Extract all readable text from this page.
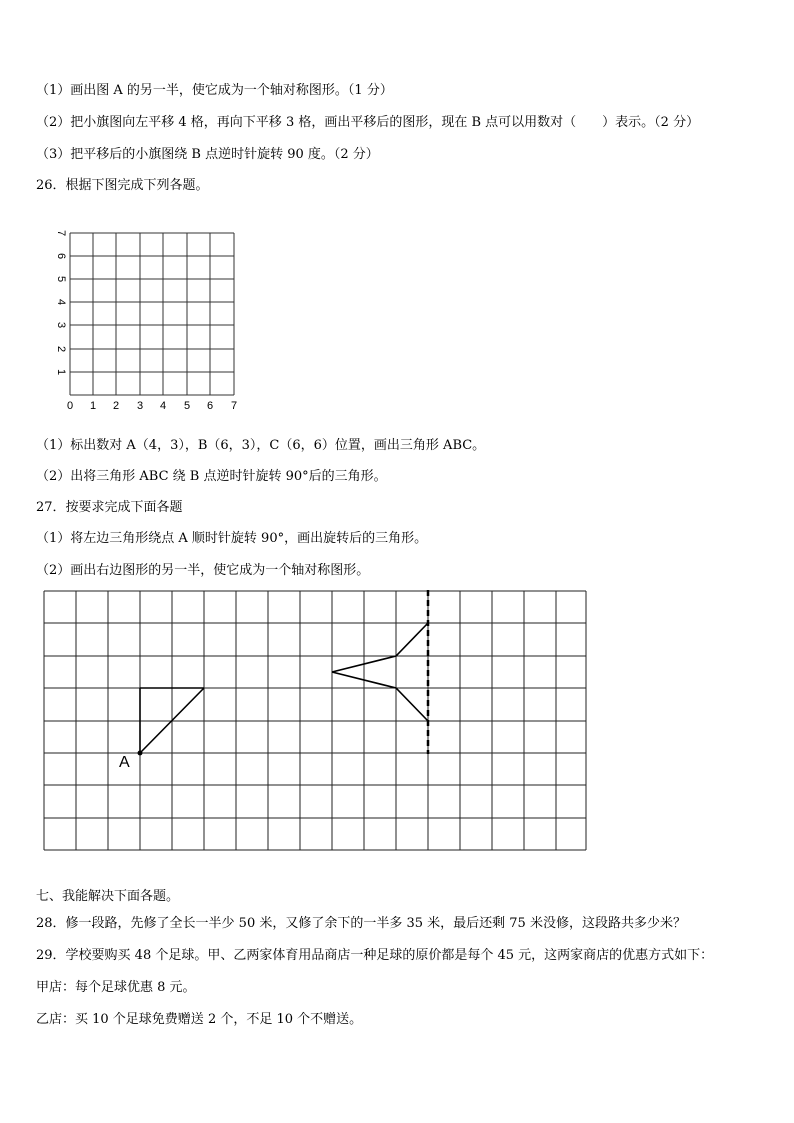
（1）画出图 A 的另一半，使它成为一个轴对称图形。（1 分）
（2）把小旗图向左平移 4 格，再向下平移 3 格，画出平移后的图形，现在 B 点可以用数对（　　）表示。（2 分）
（3）把平移后的小旗图绕 B 点逆时针旋转 90 度。（2 分）
26．根据下图完成下列各题。
0 1 2 3 4 5 6 7
1
2
3
4
5
6
7
（1）标出数对 A（4，3），B（6，3），C（6，6）位置，画出三角形 ABC。
（2）出将三角形 ABC 绕 B 点逆时针旋转 90°后的三角形。
27．按要求完成下面各题
（1）将左边三角形绕点 A 顺时针旋转 90°，画出旋转后的三角形。
（2）画出右边图形的另一半，使它成为一个轴对称图形。
A
七、我能解决下面各题。
28．修一段路，先修了全长一半少 50 米，又修了余下的一半多 35 米，最后还剩 75 米没修，这段路共多少米？
29．学校要购买 48 个足球。甲、乙两家体育用品商店一种足球的原价都是每个 45 元，这两家商店的优惠方式如下：
甲店：每个足球优惠 8 元。
乙店：买 10 个足球免费赠送 2 个，不足 10 个不赠送。
